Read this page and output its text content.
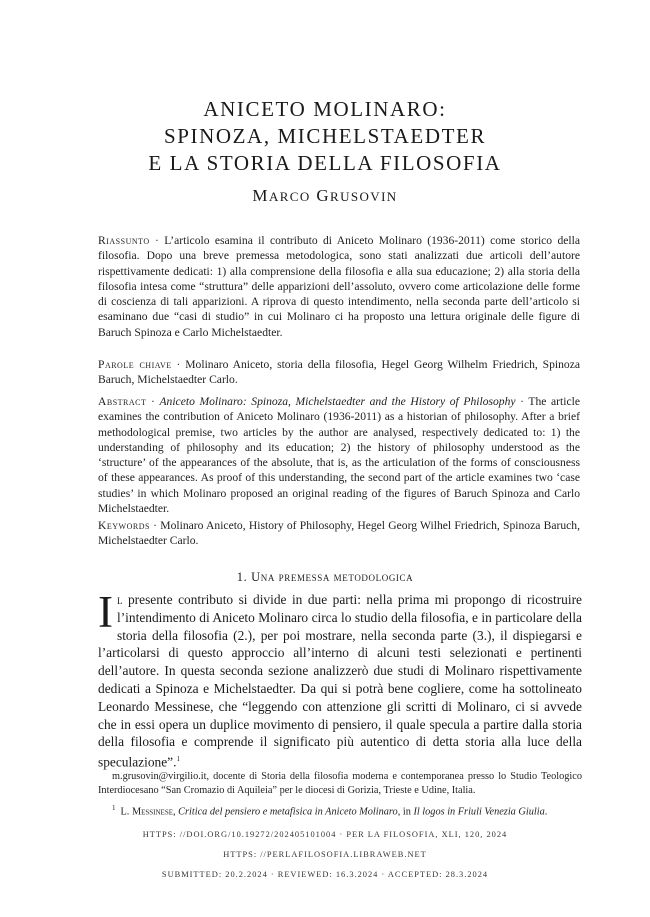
ANICETO MOLINARO:
SPINOZA, MICHELSTAEDTER
E LA STORIA DELLA FILOSOFIA
MARCO GRUSOVIN
Riassunto · L’articolo esamina il contributo di Aniceto Molinaro (1936-2011) come storico della filosofia. Dopo una breve premessa metodologica, sono stati analizzati due articoli dell’autore rispettivamente dedicati: 1) alla comprensione della filosofia e alla sua educazione; 2) alla storia della filosofia intesa come “struttura” delle apparizioni dell’assoluto, ovvero come articolazione delle forme di coscienza di tali apparizioni. A riprova di questo intendimento, nella seconda parte dell’articolo si esaminano due “casi di studio” in cui Molinaro ci ha proposto una lettura originale delle figure di Baruch Spinoza e Carlo Michelstaedter.
Parole chiave · Molinaro Aniceto, storia della filosofia, Hegel Georg Wilhelm Friedrich, Spinoza Baruch, Michelstaedter Carlo.
Abstract · Aniceto Molinaro: Spinoza, Michelstaedter and the History of Philosophy · The article examines the contribution of Aniceto Molinaro (1936-2011) as a historian of philosophy. After a brief methodological premise, two articles by the author are analysed, respectively dedicated to: 1) the understanding of philosophy and its education; 2) the history of philosophy understood as the ‘structure’ of the appearances of the absolute, that is, as the articulation of the forms of consciousness of these appearances. As proof of this understanding, the second part of the article examines two ‘case studies’ in which Molinaro proposed an original reading of the figures of Baruch Spinoza and Carlo Michelstaedter.
Keywords · Molinaro Aniceto, History of Philosophy, Hegel Georg Wilhel Friedrich, Spinoza Baruch, Michelstaedter Carlo.
1. Una premessa metodologica
Il presente contributo si divide in due parti: nella prima mi propongo di ricostruire l’intendimento di Aniceto Molinaro circa lo studio della filosofia, e in particolare della storia della filosofia (2.), per poi mostrare, nella seconda parte (3.), il dispiegarsi e l’articolarsi di questo approccio all’interno di alcuni testi selezionati e pertinenti dell’autore. In questa seconda sezione analizzerò due studi di Molinaro rispettivamente dedicati a Spinoza e Michelstaedter. Da qui si potrà bene cogliere, come ha sottolineato Leonardo Messinese, che “leggendo con attenzione gli scritti di Molinaro, ci si avvede che in essi opera un duplice movimento di pensiero, il quale specula a partire dalla storia della filosofia e comprende il significato più autentico di detta storia alla luce della speculazione”.$^1$

m.grusovin@virgilio.it, docente di Storia della filosofia moderna e contemporanea presso lo Studio Teologico Interdiocesano “San Cromazio di Aquileia” per le diocesi di Gorizia, Trieste e Udine, Italia.

$^1$ L. Messinese, Critica del pensiero e metafisica in Aniceto Molinaro, in Il logos in Friuli Venezia Giulia.

HTTPS: //DOI.ORG/10.19272/202405101004 · PER LA FILOSOFIA, XLI, 120, 2024
HTTPS: //PERLAFILOSOFIA.LIBRAWEB.NET
SUBMITTED: 20.2.2024 · REVIEWED: 16.3.2024 · ACCEPTED: 28.3.2024
